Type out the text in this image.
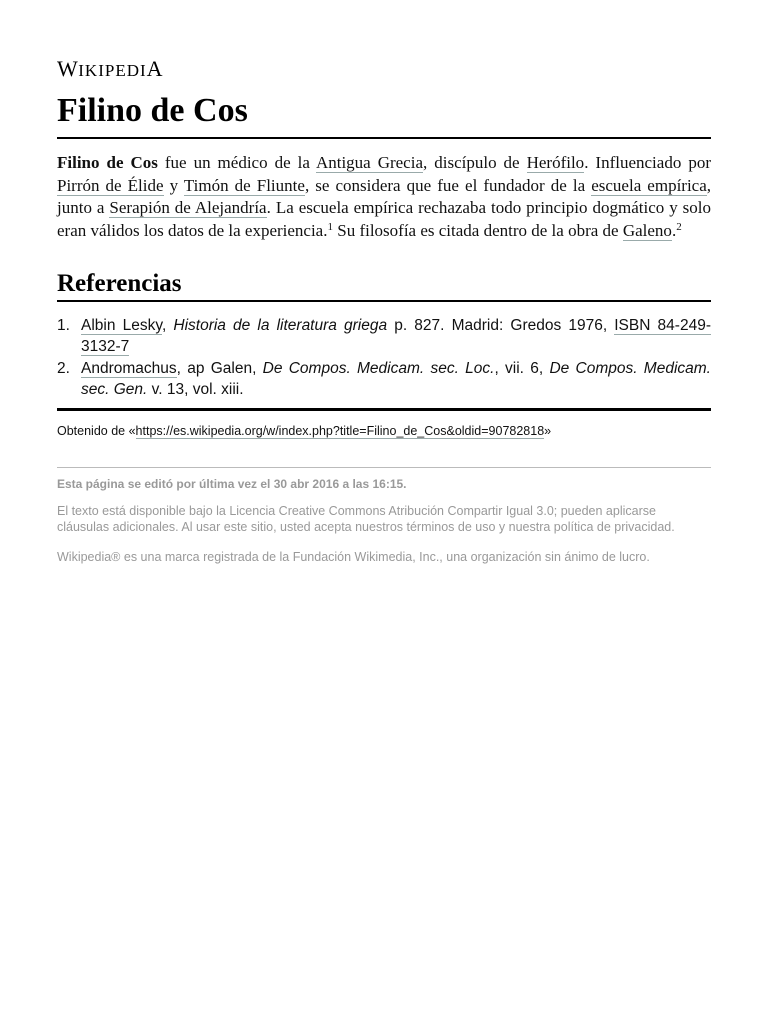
WIKIPEDIA
Filino de Cos

Filino de Cos fue un médico de la Antigua Grecia, discípulo de Herófilo. Influenciado por Pirrón de Élide y Timón de Fliunte, se considera que fue el fundador de la escuela empírica, junto a Serapión de Alejandría. La escuela empírica rechazaba todo principio dogmático y solo eran válidos los datos de la experiencia.$^1$ Su filosofía es citada dentro de la obra de Galeno.$^2$

Referencias
1. Albin Lesky, Historia de la literatura griega p. 827. Madrid: Gredos 1976, ISBN 84-249-3132-7
2. Andromachus, ap Galen, De Compos. Medicam. sec. Loc., vii. 6, De Compos. Medicam. sec. Gen. v. 13, vol. xiii.
Obtenido de «https://es.wikipedia.org/w/index.php?title=Filino_de_Cos&oldid=90782818»
Esta página se editó por última vez el 30 abr 2016 a las 16:15.
El texto está disponible bajo la Licencia Creative Commons Atribución Compartir Igual 3.0; pueden aplicarse cláusulas adicionales. Al usar este sitio, usted acepta nuestros términos de uso y nuestra política de privacidad.
Wikipedia® es una marca registrada de la Fundación Wikimedia, Inc., una organización sin ánimo de lucro.
